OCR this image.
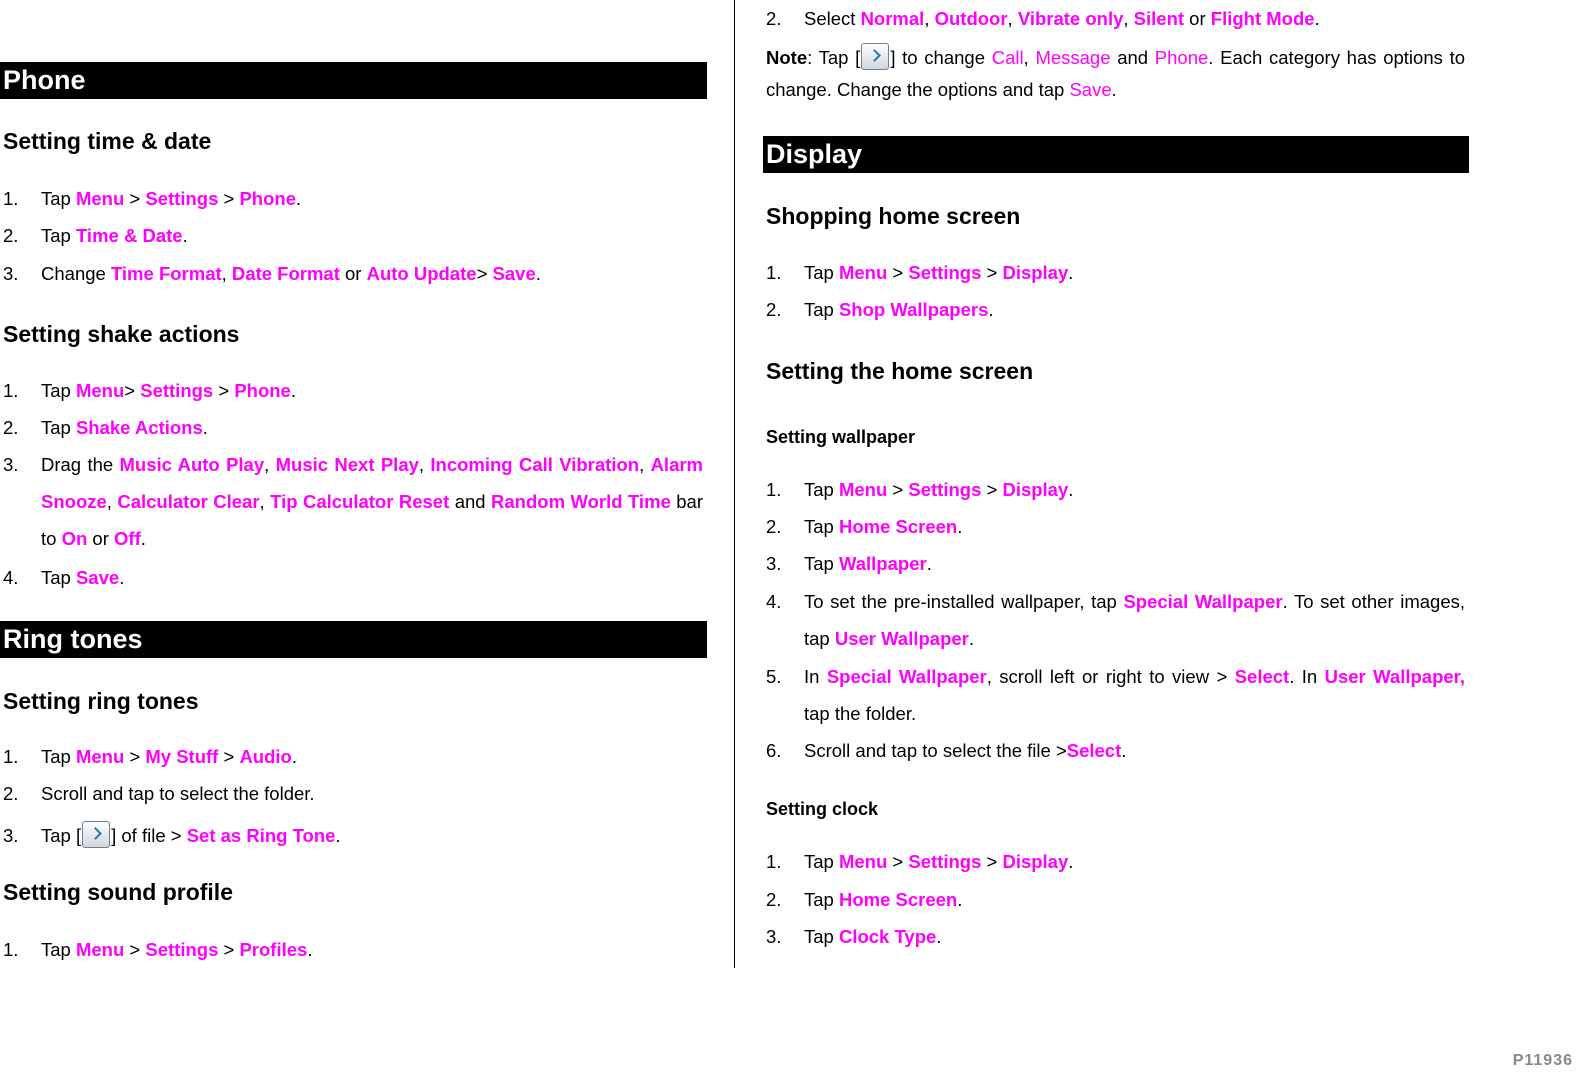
Phone
Setting time & date
1. Tap Menu > Settings > Phone.
2. Tap Time & Date.
3. Change Time Format, Date Format or Auto Update> Save.
Setting shake actions
1. Tap Menu> Settings > Phone.
2. Tap Shake Actions.
3. Drag the Music Auto Play, Music Next Play, Incoming Call Vibration, Alarm Snooze, Calculator Clear, Tip Calculator Reset and Random World Time bar to On or Off.
4. Tap Save.
Ring tones
Setting ring tones
1. Tap Menu > My Stuff > Audio.
2. Scroll and tap to select the folder.
3. Tap [ ] of file > Set as Ring Tone.
Setting sound profile
1. Tap Menu > Settings > Profiles.
2. Select Normal, Outdoor, Vibrate only, Silent or Flight Mode.
Note: Tap [ ] to change Call, Message and Phone. Each category has options to change. Change the options and tap Save.
Display
Shopping home screen
1. Tap Menu > Settings > Display.
2. Tap Shop Wallpapers.
Setting the home screen
Setting wallpaper
1. Tap Menu > Settings > Display.
2. Tap Home Screen.
3. Tap Wallpaper.
4. To set the pre-installed wallpaper, tap Special Wallpaper. To set other images, tap User Wallpaper.
5. In Special Wallpaper, scroll left or right to view > Select. In User Wallpaper, tap the folder.
6. Scroll and tap to select the file >Select.
Setting clock
1. Tap Menu > Settings > Display.
2. Tap Home Screen.
3. Tap Clock Type.
P11936
